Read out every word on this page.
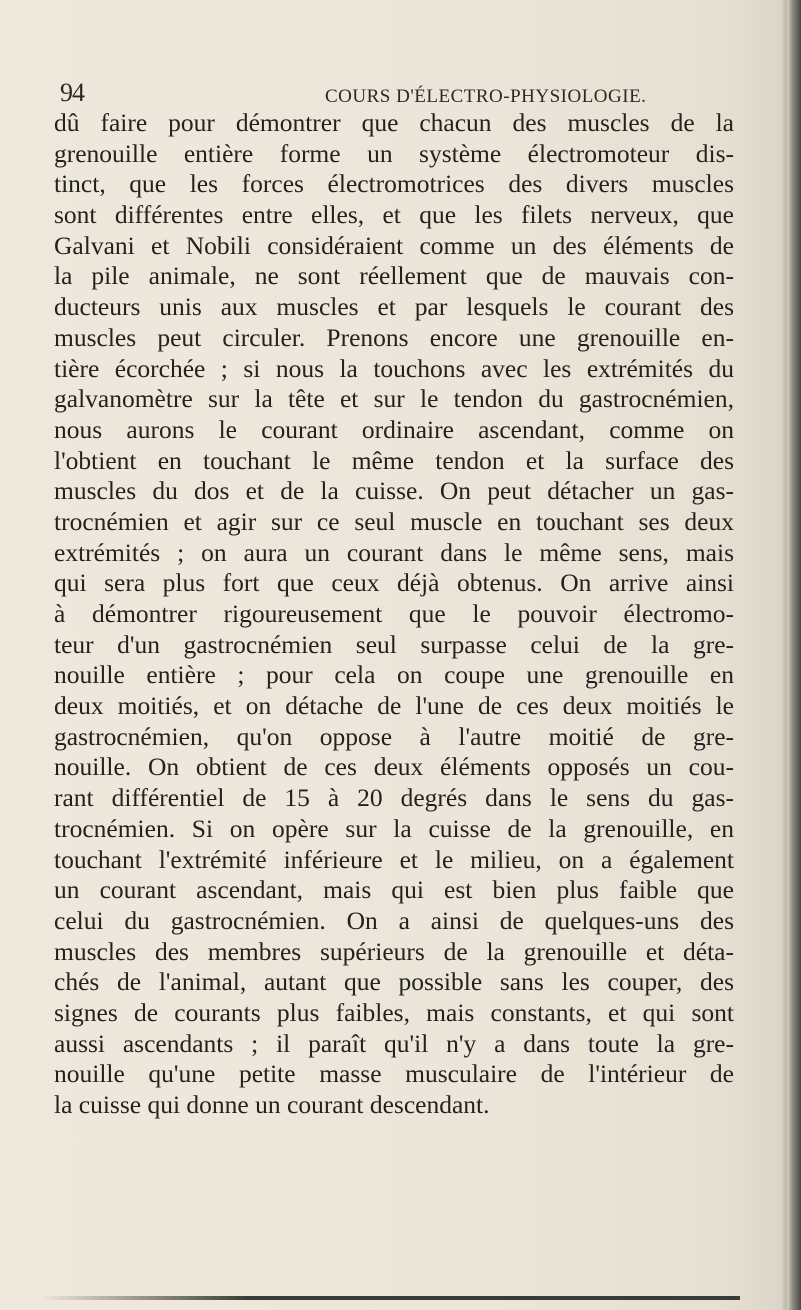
94	COURS D'ÉLECTRO-PHYSIOLOGIE.
dû faire pour démontrer que chacun des muscles de la
grenouille entière forme un système électromoteur dis-
tinct, que les forces électromotrices des divers muscles
sont différentes entre elles, et que les filets nerveux, que
Galvani et Nobili considéraient comme un des éléments de
la pile animale, ne sont réellement que de mauvais con-
ducteurs unis aux muscles et par lesquels le courant des
muscles peut circuler. Prenons encore une grenouille en-
tière écorchée ; si nous la touchons avec les extrémités du
galvanomètre sur la tête et sur le tendon du gastrocnémien,
nous aurons le courant ordinaire ascendant, comme on
l'obtient en touchant le même tendon et la surface des
muscles du dos et de la cuisse. On peut détacher un gas-
trocnémien et agir sur ce seul muscle en touchant ses deux
extrémités ; on aura un courant dans le même sens, mais
qui sera plus fort que ceux déjà obtenus. On arrive ainsi
à démontrer rigoureusement que le pouvoir électromo-
teur d'un gastrocnémien seul surpasse celui de la gre-
nouille entière ; pour cela on coupe une grenouille en
deux moitiés, et on détache de l'une de ces deux moitiés le
gastrocnémien, qu'on oppose à l'autre moitié de gre-
nouille. On obtient de ces deux éléments opposés un cou-
rant différentiel de 15 à 20 degrés dans le sens du gas-
trocnémien. Si on opère sur la cuisse de la grenouille, en
touchant l'extrémité inférieure et le milieu, on a également
un courant ascendant, mais qui est bien plus faible que
celui du gastrocnémien. On a ainsi de quelques-uns des
muscles des membres supérieurs de la grenouille et déta-
chés de l'animal, autant que possible sans les couper, des
signes de courants plus faibles, mais constants, et qui sont
aussi ascendants ; il paraît qu'il n'y a dans toute la gre-
nouille qu'une petite masse musculaire de l'intérieur de
la cuisse qui donne un courant descendant.
